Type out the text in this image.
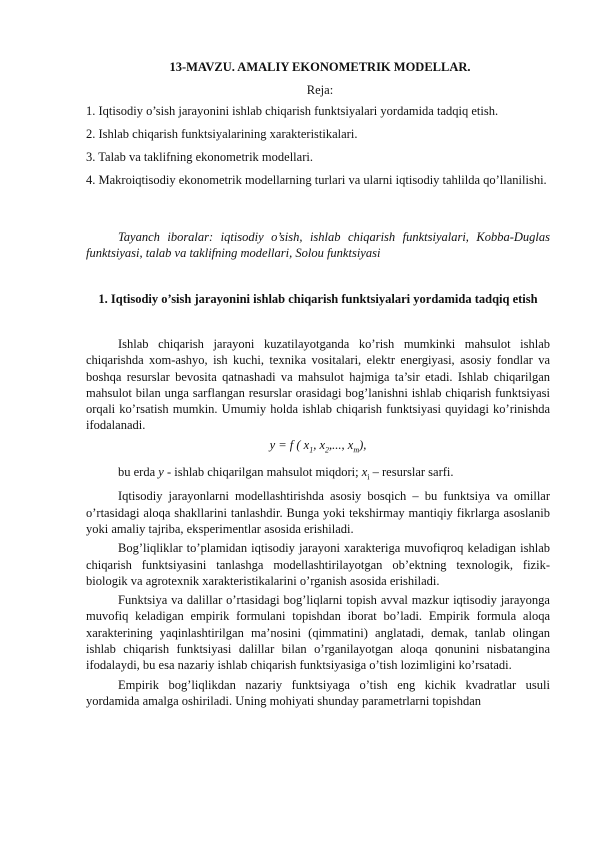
13-MAVZU. AMALIY EKONOMETRIK MODELLAR.
Reja:
1. Iqtisodiy o’sish jarayonini ishlab chiqarish funktsiyalari yordamida tadqiq etish.
2. Ishlab chiqarish funktsiyalarining xarakteristikalari.
3. Talab va taklifning ekonometrik modellari.
4. Makroiqtisodiy ekonometrik modellarning turlari va ularni iqtisodiy tahlilda qo’llanilishi.
Tayanch iboralar: iqtisodiy o’sish, ishlab chiqarish funktsiyalari, Kobba-Duglas funktsiyasi, talab va taklifning modellari, Solou funktsiyasi
1. Iqtisodiy o’sish jarayonini ishlab chiqarish funktsiyalari yordamida tadqiq etish

Ishlab chiqarish jarayoni kuzatilayotganda ko’rish mumkinki mahsulot ishlab chiqarishda xom-ashyo, ish kuchi, texnika vositalari, elektr energiyasi, asosiy fondlar va boshqa resurslar bevosita qatnashadi va mahsulot hajmiga ta’sir etadi. Ishlab chiqarilgan mahsulot bilan unga sarflangan resurslar orasidagi bog’lanishni ishlab chiqarish funktsiyasi orqali ko’rsatish mumkin. Umumiy holda ishlab chiqarish funktsiyasi quyidagi ko’rinishda ifodalanadi.

y = f ( $x_1$, $x_2$,..., $x_m$),

bu erda y - ishlab chiqarilgan mahsulot miqdori; $x_i$ – resurslar sarfi.

Iqtisodiy jarayonlarni modellashtirishda asosiy bosqich – bu funktsiya va omillar o’rtasidagi aloqa shakllarini tanlashdir. Bunga yoki tekshirmay mantiqiy fikrlarga asoslanib yoki amaliy tajriba, eksperimentlar asosida erishiladi.

Bog’liqliklar to’plamidan iqtisodiy jarayoni xarakteriga muvofiqroq keladigan ishlab chiqarish funktsiyasini tanlashga modellashtirilayotgan ob’ektning texnologik, fizik-biologik va agrotexnik xarakteristikalarini o’rganish asosida erishiladi.

Funktsiya va dalillar o’rtasidagi bog’liqlarni topish avval mazkur iqtisodiy jarayonga muvofiq keladigan empirik formulani topishdan iborat bo’ladi. Empirik formula aloqa xarakterining yaqinlashtirilgan ma’nosini (qimmatini) anglatadi, demak, tanlab olingan ishlab chiqarish funktsiyasi dalillar bilan o’rganilayotgan aloqa qonunini nisbatangina ifodalaydi, bu esa nazariy ishlab chiqarish funktsiyasiga o’tish lozimligini ko’rsatadi.

Empirik bog’liqlikdan nazariy funktsiyaga o’tish eng kichik kvadratlar usuli yordamida amalga oshiriladi. Uning mohiyati shunday parametrlarni topishdan
